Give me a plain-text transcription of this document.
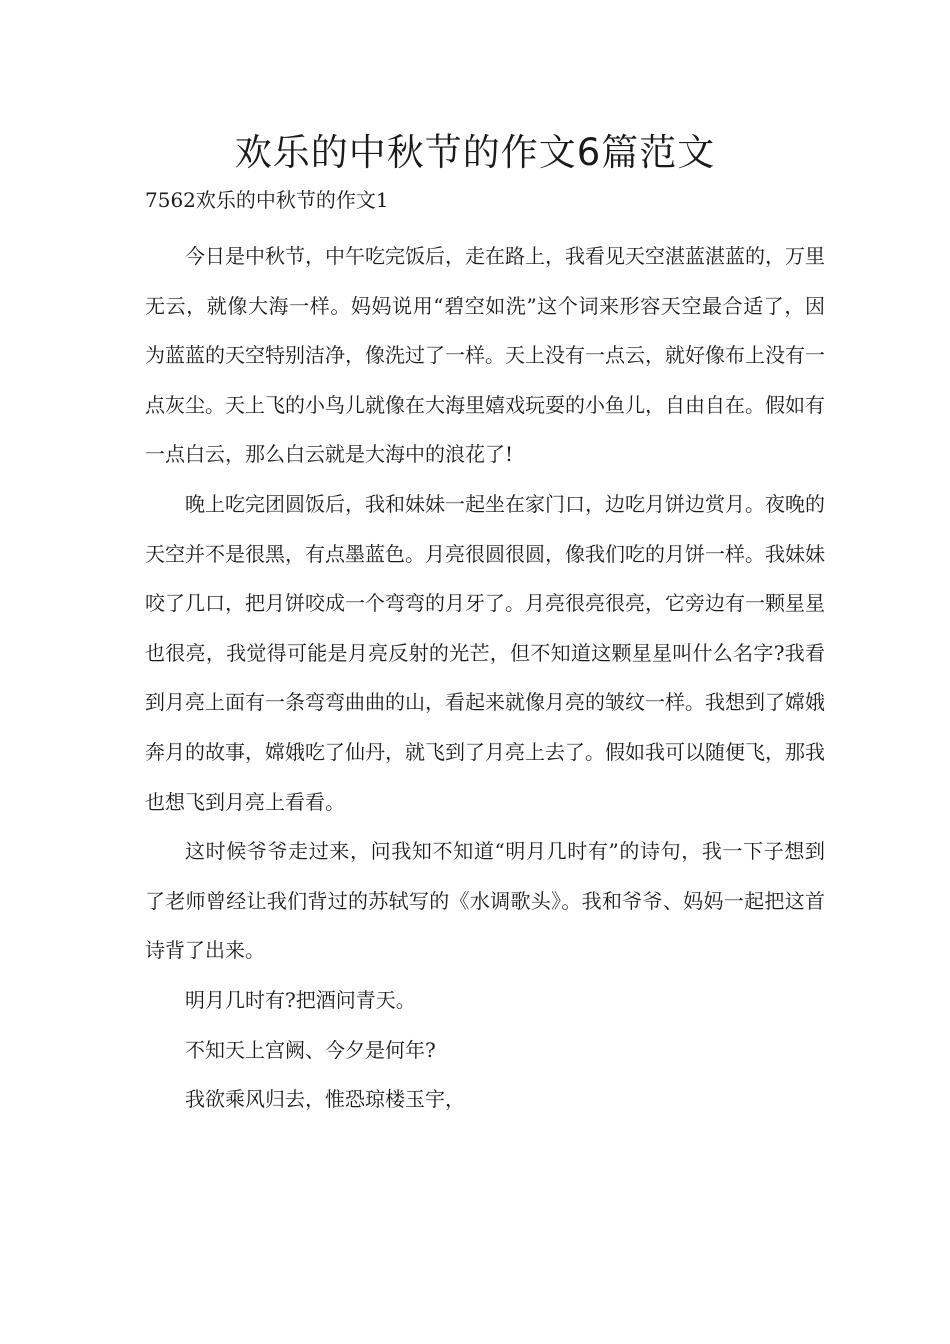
欢乐的中秋节的作文6篇范文
7562欢乐的中秋节的作文1

今日是中秋节，中午吃完饭后，走在路上，我看见天空湛蓝湛蓝的，万里无云，就像大海一样。妈妈说用“碧空如洗”这个词来形容天空最合适了，因为蓝蓝的天空特别洁净，像洗过了一样。天上没有一点云，就好像布上没有一点灰尘。天上飞的小鸟儿就像在大海里嬉戏玩耍的小鱼儿，自由自在。假如有一点白云，那么白云就是大海中的浪花了!

晚上吃完团圆饭后，我和妹妹一起坐在家门口，边吃月饼边赏月。夜晚的天空并不是很黑，有点墨蓝色。月亮很圆很圆，像我们吃的月饼一样。我妹妹咬了几口，把月饼咬成一个弯弯的月牙了。月亮很亮很亮，它旁边有一颗星星也很亮，我觉得可能是月亮反射的光芒，但不知道这颗星星叫什么名字?我看到月亮上面有一条弯弯曲曲的山，看起来就像月亮的皱纹一样。我想到了嫦娥奔月的故事，嫦娥吃了仙丹，就飞到了月亮上去了。假如我可以随便飞，那我也想飞到月亮上看看。

这时候爷爷走过来，问我知不知道“明月几时有”的诗句，我一下子想到了老师曾经让我们背过的苏轼写的《水调歌头》。我和爷爷、妈妈一起把这首诗背了出来。

明月几时有?把酒问青天。

不知天上宫阙、今夕是何年?

我欲乘风归去，惟恐琼楼玉宇，
